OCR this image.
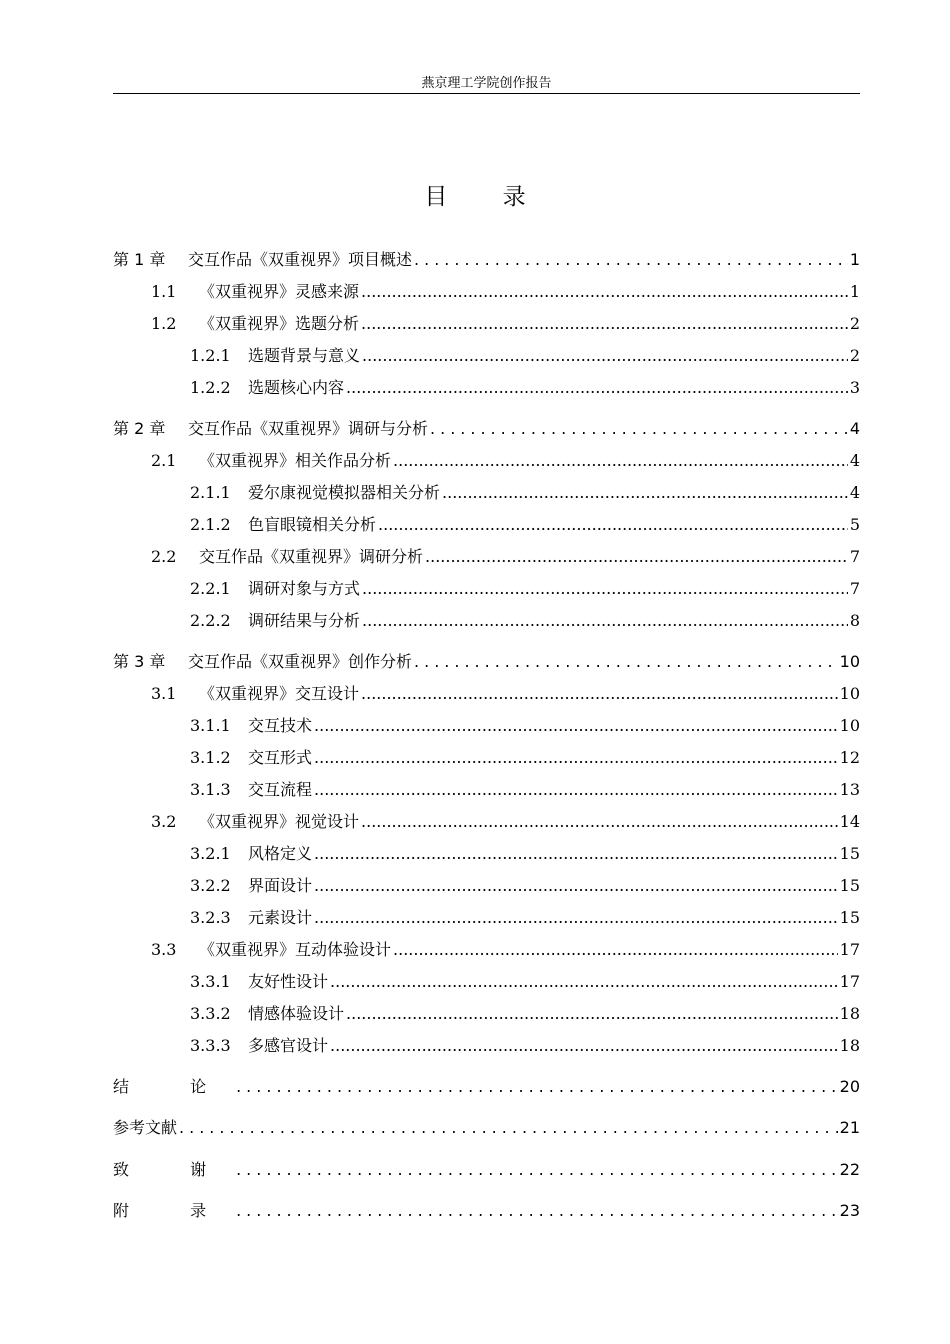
燕京理工学院创作报告
目 录
第 1 章	交互作品《双重视界》项目概述 .....	1
1.1	《双重视界》灵感来源 .....	1
1.2	《双重视界》选题分析 .....	2
1.2.1	选题背景与意义 .....	2
1.2.2	选题核心内容 .....	3
第 2 章	交互作品《双重视界》调研与分析 .....	4
2.1	《双重视界》相关作品分析 .....	4
2.1.1	爱尔康视觉模拟器相关分析 .....	4
2.1.2	色盲眼镜相关分析 .....	5
2.2	交互作品《双重视界》调研分析 .....	7
2.2.1	调研对象与方式 .....	7
2.2.2	调研结果与分析 .....	8
第 3 章	交互作品《双重视界》创作分析 .....	10
3.1	《双重视界》交互设计 .....	10
3.1.1	交互技术 .....	10
3.1.2	交互形式 .....	12
3.1.3	交互流程 .....	13
3.2	《双重视界》视觉设计 .....	14
3.2.1	风格定义 .....	15
3.2.2	界面设计 .....	15
3.2.3	元素设计 .....	15
3.3	《双重视界》互动体验设计 .....	17
3.3.1	友好性设计 .....	17
3.3.2	情感体验设计 .....	18
3.3.3	多感官设计 .....	18
结 论 .....	20
参考文献 .....	21
致 谢 .....	22
附 录 .....	23
